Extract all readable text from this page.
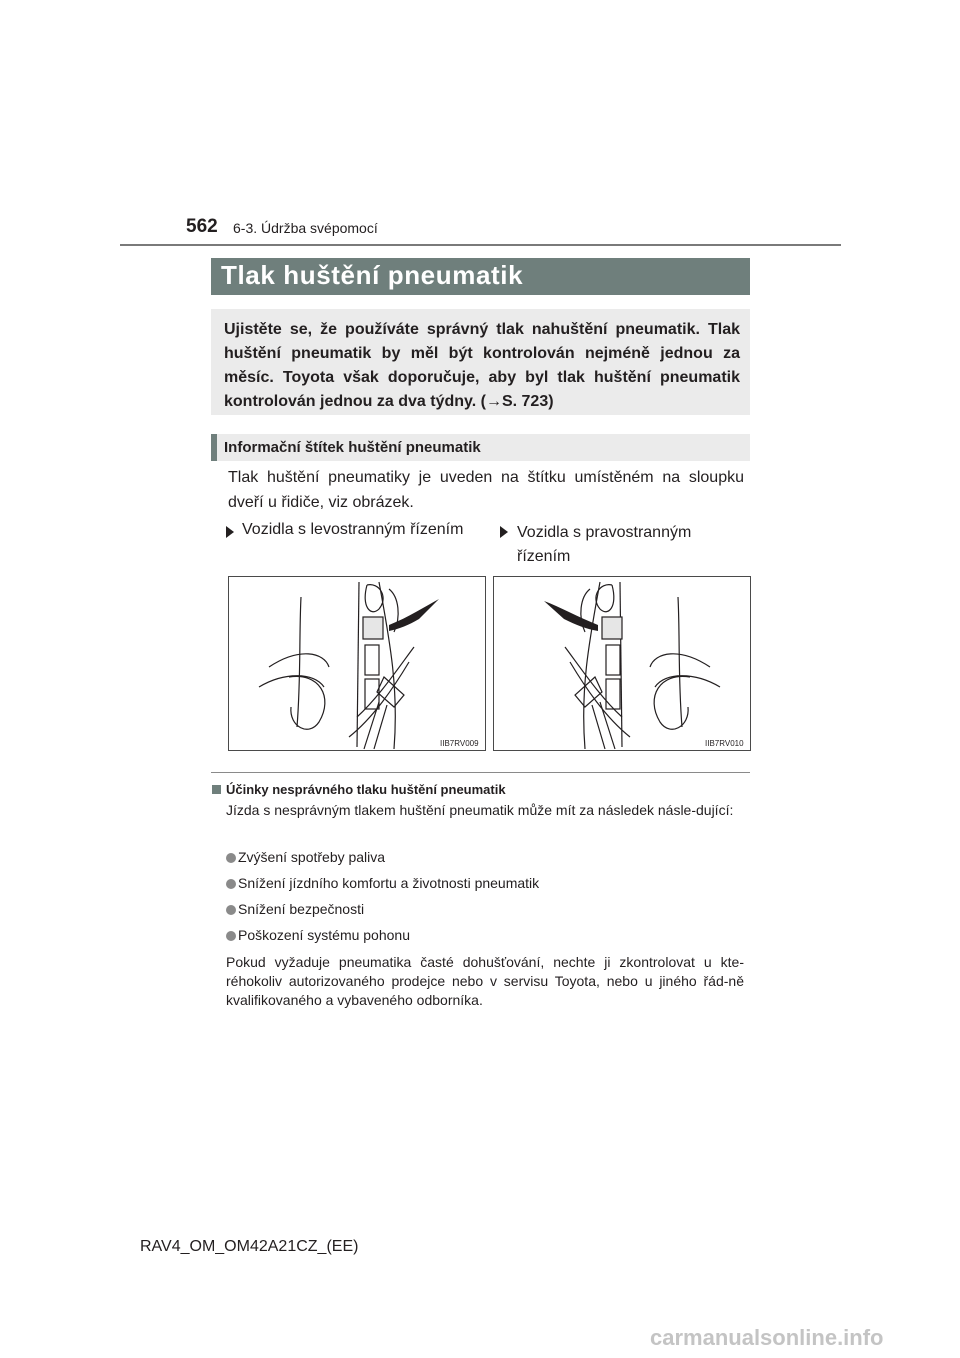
562 6-3. Údržba svépomocí
Tlak huštění pneumatik
Ujistěte se, že používáte správný tlak nahuštění pneumatik. Tlak huštění pneumatik by měl být kontrolován nejméně jednou za měsíc. Toyota však doporučuje, aby byl tlak huštění pneumatik kontrolován jednou za dva týdny. (→S. 723)
Informační štítek huštění pneumatik
Tlak huštění pneumatiky je uveden na štítku umístěném na sloupku dveří u řidiče, viz obrázek.
Vozidla s levostranným řízením	Vozidla s pravostranným řízením
IIB7RV009	IIB7RV010
Účinky nesprávného tlaku huštění pneumatik
Jízda s nesprávným tlakem huštění pneumatik může mít za následek násle-dující:
Zvýšení spotřeby paliva
Snížení jízdního komfortu a životnosti pneumatik
Snížení bezpečnosti
Poškození systému pohonu
Pokud vyžaduje pneumatika časté dohušťování, nechte ji zkontrolovat u kte-réhokoliv autorizovaného prodejce nebo v servisu Toyota, nebo u jiného řád-ně kvalifikovaného a vybaveného odborníka.
RAV4_OM_OM42A21CZ_(EE)
carmanualsonline.info
